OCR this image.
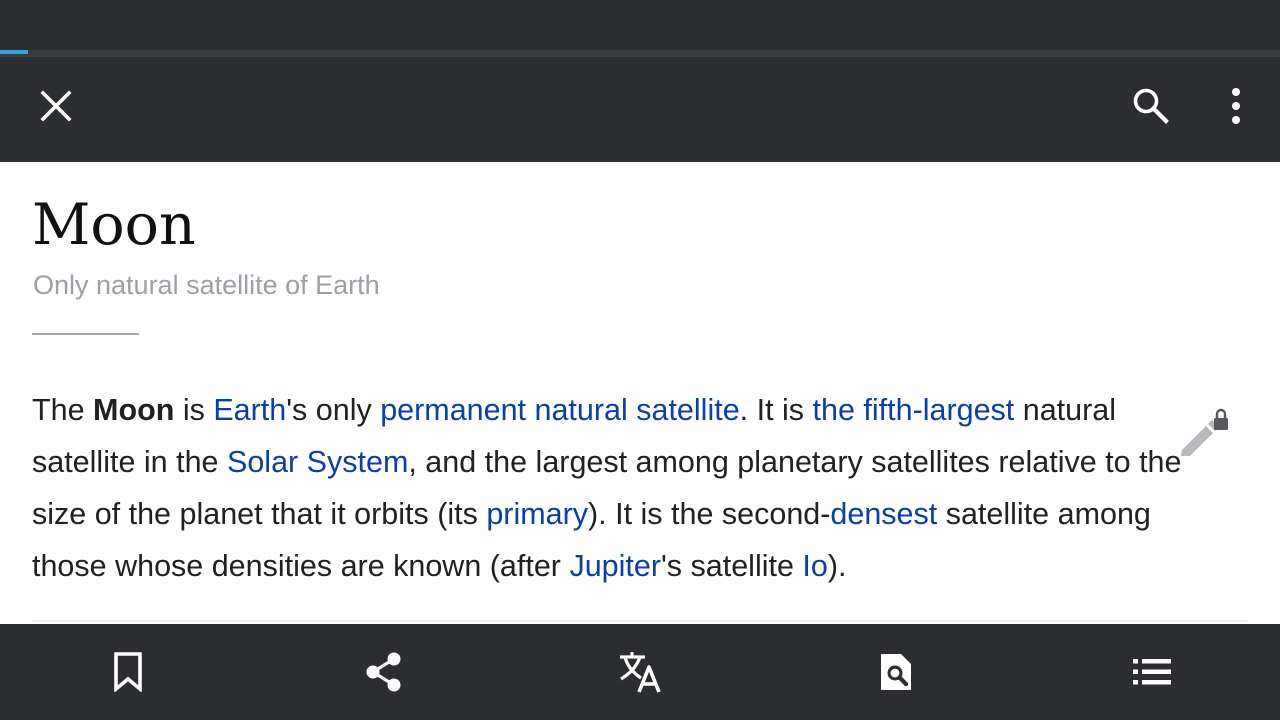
Moon
Only natural satellite of Earth
The Moon is Earth's only permanent natural satellite. It is the fifth-largest natural satellite in the Solar System, and the largest among planetary satellites relative to the size of the planet that it orbits (its primary). It is the second-densest satellite among those whose densities are known (after Jupiter's satellite Io).
